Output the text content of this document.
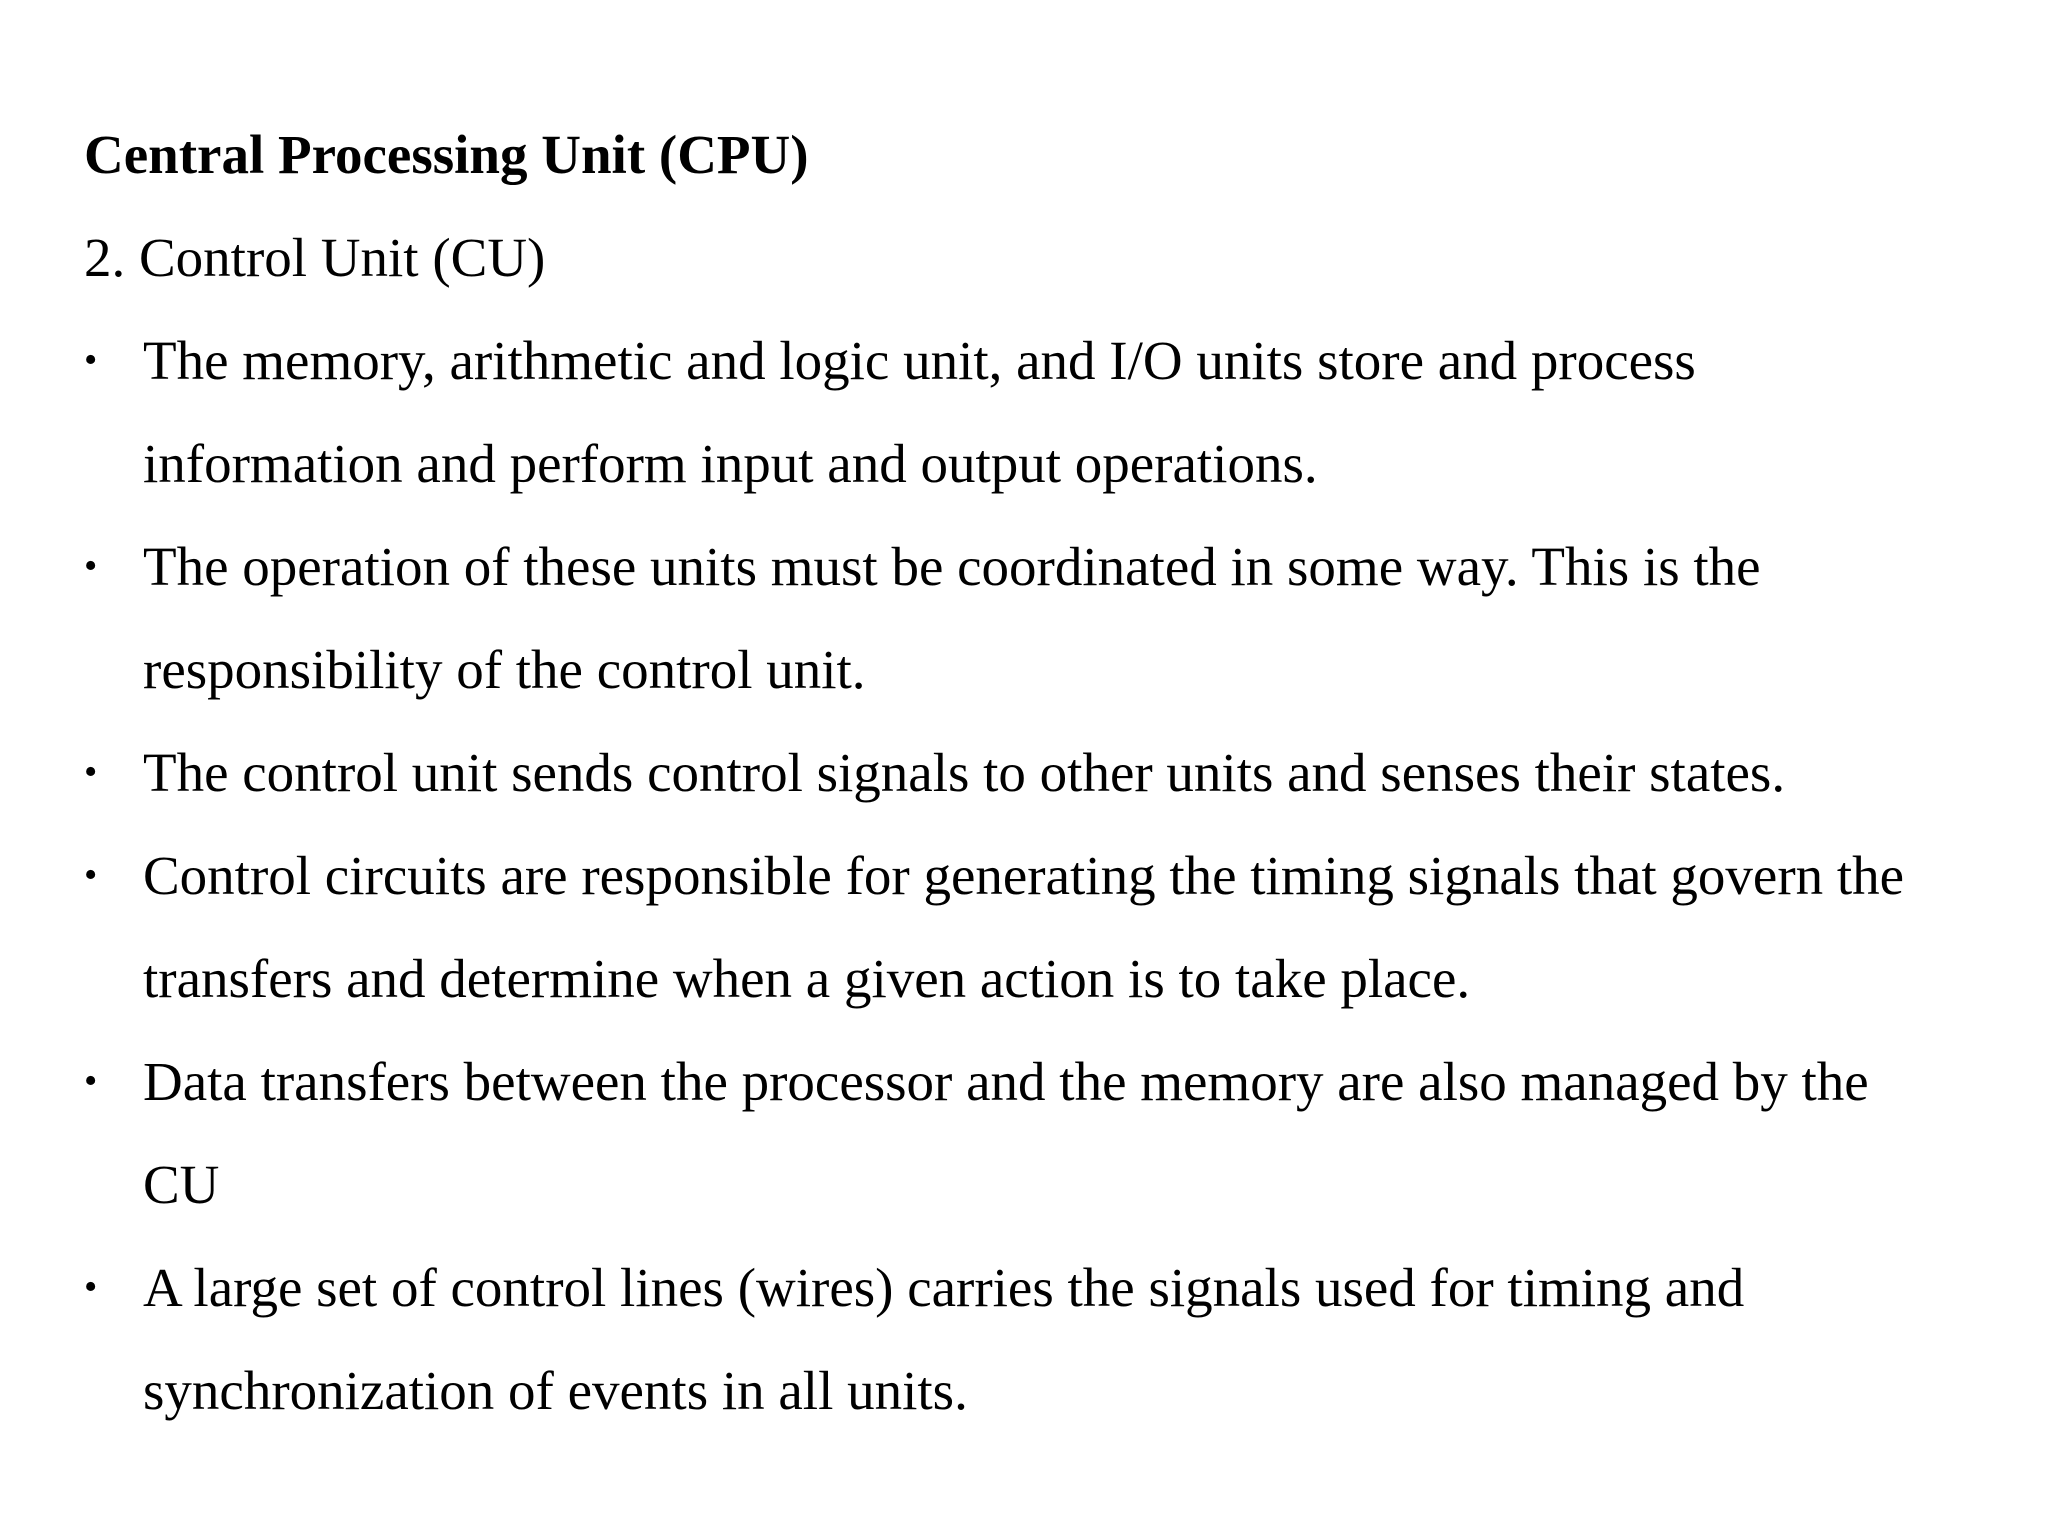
Central Processing Unit (CPU)

2. Control Unit (CU)

• The memory, arithmetic and logic unit, and I/O units store and process
information and perform input and output operations.
• The operation of these units must be coordinated in some way. This is the
responsibility of the control unit.
• The control unit sends control signals to other units and senses their states.
• Control circuits are responsible for generating the timing signals that govern the
transfers and determine when a given action is to take place.
• Data transfers between the processor and the memory are also managed by the
CU
• A large set of control lines (wires) carries the signals used for timing and
synchronization of events in all units.
